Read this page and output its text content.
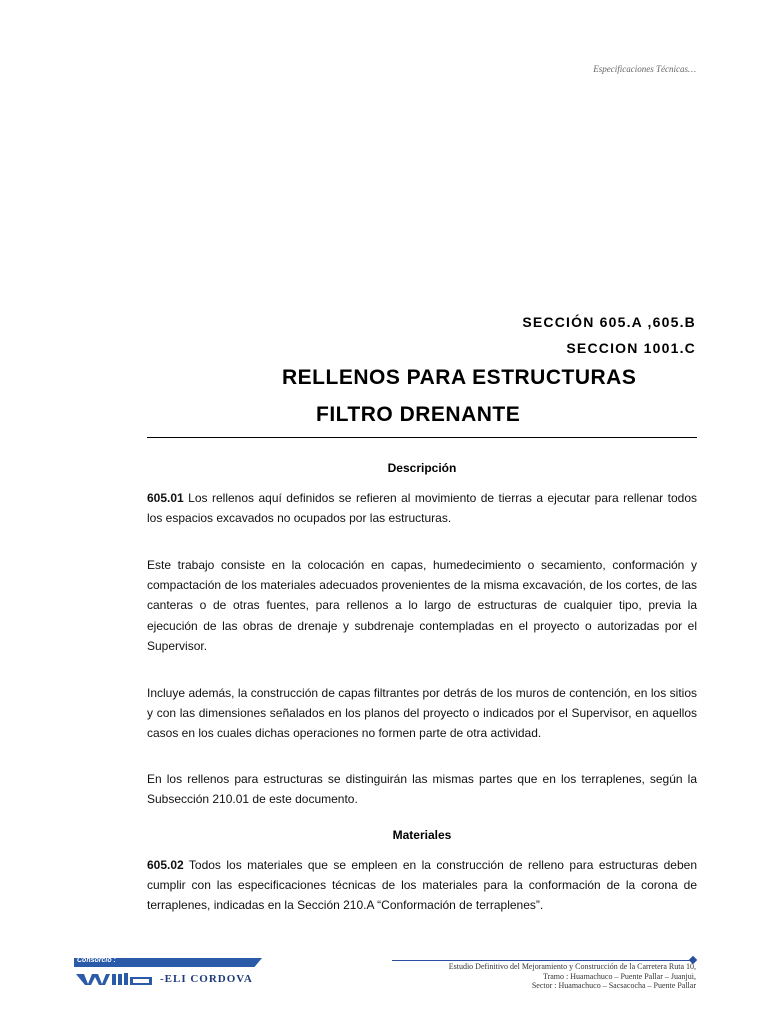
Especificaciones Técnicas…
SECCIÓN 605.A ,605.B
SECCION 1001.C
RELLENOS PARA ESTRUCTURAS
FILTRO DRENANTE
Descripción
605.01 Los rellenos aquí definidos se refieren al movimiento de tierras a ejecutar para rellenar todos los espacios excavados no ocupados por las estructuras.
Este trabajo consiste en la colocación en capas, humedecimiento o secamiento, conformación y compactación de los materiales adecuados provenientes de la misma excavación, de los cortes, de las canteras o de otras fuentes, para rellenos a lo largo de estructuras de cualquier tipo, previa la ejecución de las obras de drenaje y subdrenaje contempladas en el proyecto o autorizadas por el Supervisor.
Incluye además, la construcción de capas filtrantes por detrás de los muros de contención, en los sitios y con las dimensiones señalados en los planos del proyecto o indicados por el Supervisor, en aquellos casos en los cuales dichas operaciones no formen parte de otra actividad.
En los rellenos para estructuras se distinguirán las mismas partes que en los terraplenes, según la Subsección 210.01 de este documento.
Materiales
605.02 Todos los materiales que se empleen en la construcción de relleno para estructuras deben cumplir con las especificaciones técnicas de los materiales para la conformación de la corona de terraplenes, indicadas en la Sección 210.A “Conformación de terraplenes”.
Consorcio :
-ELI CORDOVA
Estudio Definitivo del Mejoramiento y Construcción de la Carretera Ruta 10,
Tramo : Huamachuco – Puente Pallar – Juanjui,
Sector : Huamachuco – Sacsacocha – Puente Pallar
